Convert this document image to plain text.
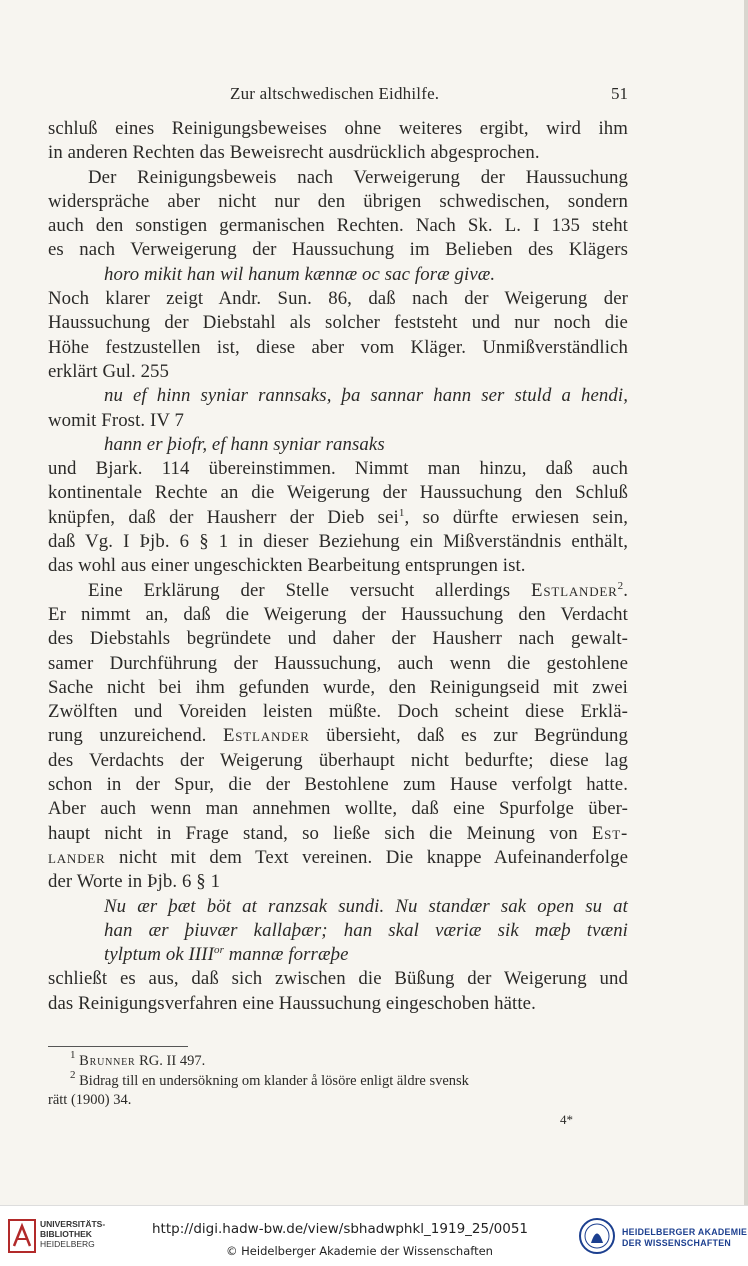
Zur altschwedischen Eidhilfe.	51
schluß eines Reinigungsbeweises ohne weiteres ergibt, wird ihm
in anderen Rechten das Beweisrecht ausdrücklich abgesprochen.
Der Reinigungsbeweis nach Verweigerung der Haussuchung
widerspräche aber nicht nur den übrigen schwedischen, sondern
auch den sonstigen germanischen Rechten. Nach Sk. L. I 135 steht
es nach Verweigerung der Haussuchung im Belieben des Klägers
horo mikit han wil hanum kænnæ oc sac foræ givæ.
Noch klarer zeigt Andr. Sun. 86, daß nach der Weigerung der
Haussuchung der Diebstahl als solcher feststeht und nur noch die
Höhe festzustellen ist, diese aber vom Kläger. Unmißverständlich
erklärt Gul. 255
nu ef hinn syniar rannsaks, þa sannar hann ser stuld a hendi,
womit Frost. IV 7
hann er þiofr, ef hann syniar ransaks
und Bjark. 114 übereinstimmen. Nimmt man hinzu, daß auch
kontinentale Rechte an die Weigerung der Haussuchung den Schluß
knüpfen, daß der Hausherr der Dieb sei$^1$, so dürfte erwiesen sein,
daß Vg. I Þjb. 6 § 1 in dieser Beziehung ein Mißverständnis enthält,
das wohl aus einer ungeschickten Bearbeitung entsprungen ist.
Eine Erklärung der Stelle versucht allerdings Estlander$^2$.
Er nimmt an, daß die Weigerung der Haussuchung den Verdacht
des Diebstahls begründete und daher der Hausherr nach gewalt-
samer Durchführung der Haussuchung, auch wenn die gestohlene
Sache nicht bei ihm gefunden wurde, den Reinigungseid mit zwei
Zwölften und Voreiden leisten müßte. Doch scheint diese Erklä-
rung unzureichend. Estlander übersieht, daß es zur Begründung
des Verdachts der Weigerung überhaupt nicht bedurfte; diese lag
schon in der Spur, die der Bestohlene zum Hause verfolgt hatte.
Aber auch wenn man annehmen wollte, daß eine Spurfolge über-
haupt nicht in Frage stand, so ließe sich die Meinung von Est-
lander nicht mit dem Text vereinen. Die knappe Aufeinanderfolge
der Worte in Þjb. 6 § 1
Nu ær þæt böt at ranzsak sundi. Nu standær sak open su at
han ær þiuvær kallaþær; han skal væriæ sik mæþ tvæni
tylptum ok $IIII^{or}$ mannæ forræþe
schließt es aus, daß sich zwischen die Büßung der Weigerung und
das Reinigungsverfahren eine Haussuchung eingeschoben hätte.
$^1$ Brunner RG. II 497.
$^2$ Bidrag till en undersökning om klander å lösöre enligt äldre svensk
rätt (1900) 34.
4*
UNIVERSITÄTS-
BIBLIOTHEK
HEIDELBERG
http://digi.hadw-bw.de/view/sbhadwphkl_1919_25/0051
© Heidelberger Akademie der Wissenschaften
HEIDELBERGER AKADEMIE
DER WISSENSCHAFTEN
